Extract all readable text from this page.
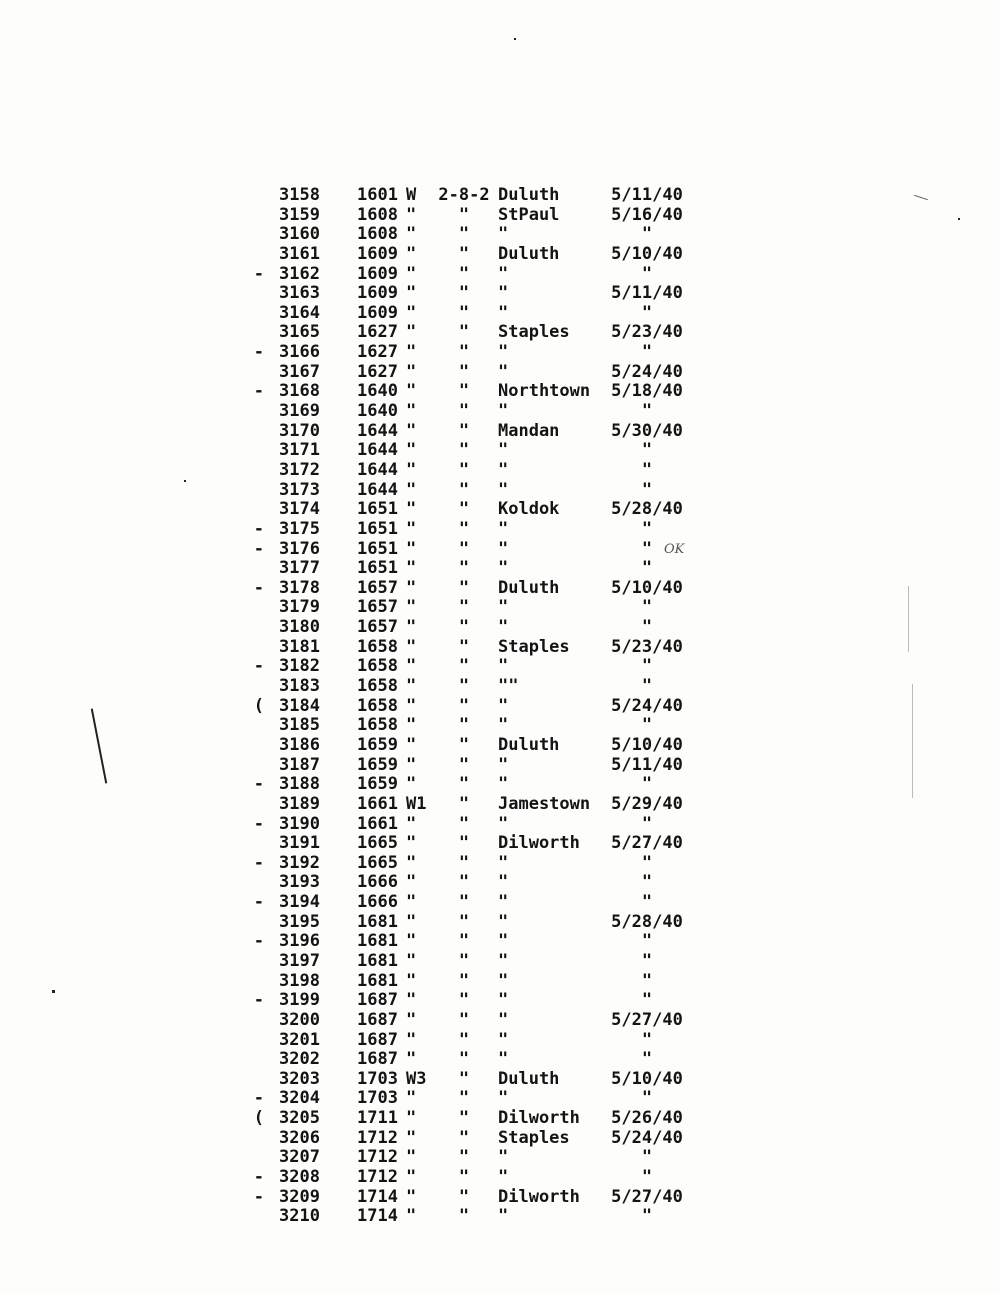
3158	1601 W	2-8-2 Duluth	5/11/40
3159	1608 "	"	StPaul	5/16/40
3160	1608 "	"	"	"
3161	1609 "	"	Duluth	5/10/40
- 3162	1609 "	"	"	"
3163	1609 "	"	"	5/11/40
3164	1609 "	"	"	"
3165	1627 "	"	Staples	5/23/40
- 3166	1627 "	"	"	"
3167	1627 "	"	"	5/24/40
- 3168	1640 "	"	Northtown	5/18/40
3169	1640 "	"	"	"
3170	1644 "	"	Mandan	5/30/40
3171	1644 "	"	"	"
3172	1644 "	"	"	"
3173	1644 "	"	"	"
3174	1651 "	"	Koldok	5/28/40
- 3175	1651 "	"	"	"
- 3176	1651 "	"	"	" OK
3177	1651 "	"	"	"
- 3178	1657 "	"	Duluth	5/10/40
3179	1657 "	"	"	"
3180	1657 "	"	"	"
3181	1658 "	"	Staples	5/23/40
- 3182	1658 "	"	"	"
3183	1658 "	"	""	"
( 3184	1658 "	"	"	5/24/40
3185	1658 "	"	"	"
3186	1659 "	"	Duluth	5/10/40
3187	1659 "	"	"	5/11/40
- 3188	1659 "	"	"	"
3189	1661 W1	"	Jamestown	5/29/40
- 3190	1661 "	"	"	"
3191	1665 "	"	Dilworth	5/27/40
- 3192	1665 "	"	"	"
3193	1666 "	"	"	"
- 3194	1666 "	"	"	"
3195	1681 "	"	"	5/28/40
- 3196	1681 "	"	"	"
3197	1681 "	"	"	"
3198	1681 "	"	"	"
- 3199	1687 "	"	"	"
3200	1687 "	"	"	5/27/40
3201	1687 "	"	"	"
3202	1687 "	"	"	"
3203	1703 W3	"	Duluth	5/10/40
- 3204	1703 "	"	"	"
( 3205	1711 "	"	Dilworth	5/26/40
3206	1712 "	"	Staples	5/24/40
3207	1712 "	"	"	"
- 3208	1712 "	"	"	"
- 3209	1714 "	"	Dilworth	5/27/40
3210	1714 "	"	"	"
